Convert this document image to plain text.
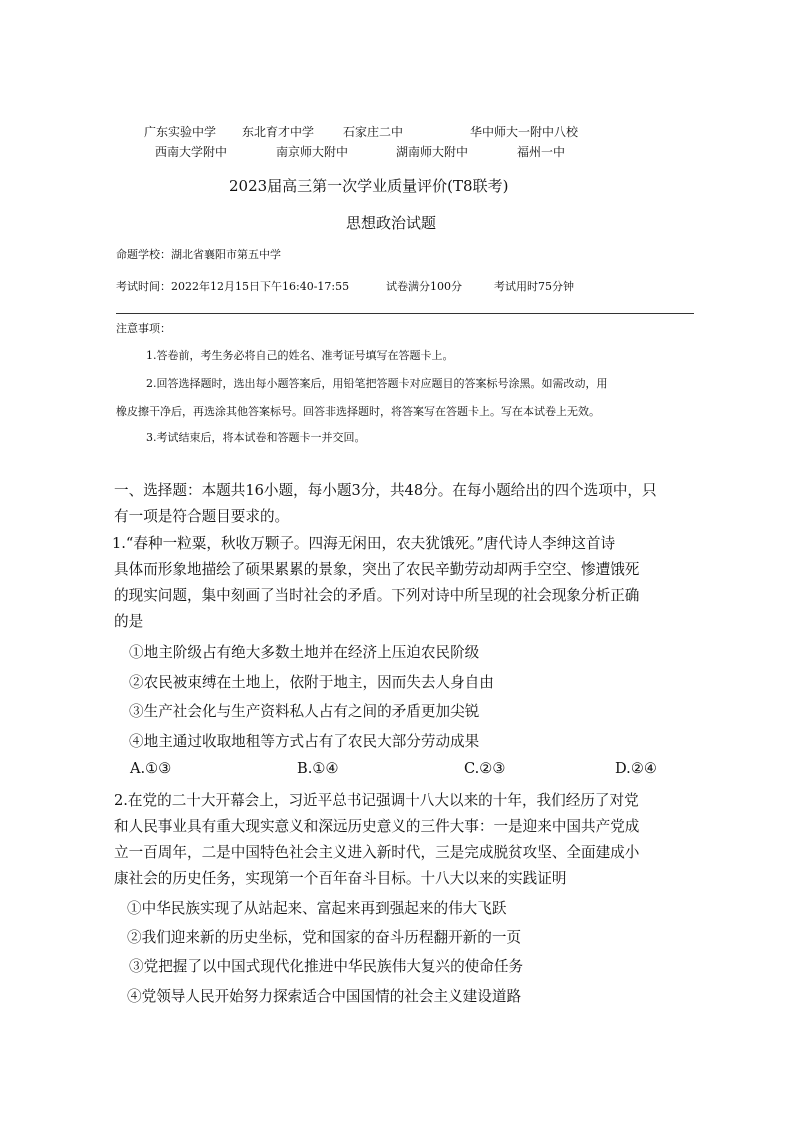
广东实验中学 东北育才中学 石家庄二中	华中师大一附中八校
西南大学附中	南京师大附中	湖南师大附中	福州一中
2023届高三第一次学业质量评价(T8联考)
思想政治试题
命题学校：湖北省襄阳市第五中学
考试时间：2022年12月15日下午16:40-17:55	试卷满分100分	考试用时75分钟
注意事项：
1.答卷前，考生务必将自己的姓名、准考证号填写在答题卡上。
2.回答选择题时，选出每小题答案后，用铅笔把答题卡对应题目的答案标号涂黑。如需改动，用
橡皮擦干净后，再选涂其他答案标号。回答非选择题时，将答案写在答题卡上。写在本试卷上无效。
3.考试结束后，将本试卷和答题卡一并交回。
一、选择题：本题共16小题，每小题3分，共48分。在每小题给出的四个选项中，只
有一项是符合题目要求的。
1.“春种一粒粟，秋收万颗子。四海无闲田，农夫犹饿死。”唐代诗人李绅这首诗
具体而形象地描绘了硕果累累的景象，突出了农民辛勤劳动却两手空空、惨遭饿死
的现实问题，集中刻画了当时社会的矛盾。下列对诗中所呈现的社会现象分析正确
的是
①地主阶级占有绝大多数土地并在经济上压迫农民阶级
②农民被束缚在土地上，依附于地主，因而失去人身自由
③生产社会化与生产资料私人占有之间的矛盾更加尖锐
④地主通过收取地租等方式占有了农民大部分劳动成果
A.①③	B.①④	C.②③	D.②④
2.在党的二十大开幕会上，习近平总书记强调十八大以来的十年，我们经历了对党
和人民事业具有重大现实意义和深远历史意义的三件大事：一是迎来中国共产党成
立一百周年，二是中国特色社会主义进入新时代，三是完成脱贫攻坚、全面建成小
康社会的历史任务，实现第一个百年奋斗目标。十八大以来的实践证明
①中华民族实现了从站起来、富起来再到强起来的伟大飞跃
②我们迎来新的历史坐标，党和国家的奋斗历程翻开新的一页
③党把握了以中国式现代化推进中华民族伟大复兴的使命任务
④党领导人民开始努力探索适合中国国情的社会主义建设道路
